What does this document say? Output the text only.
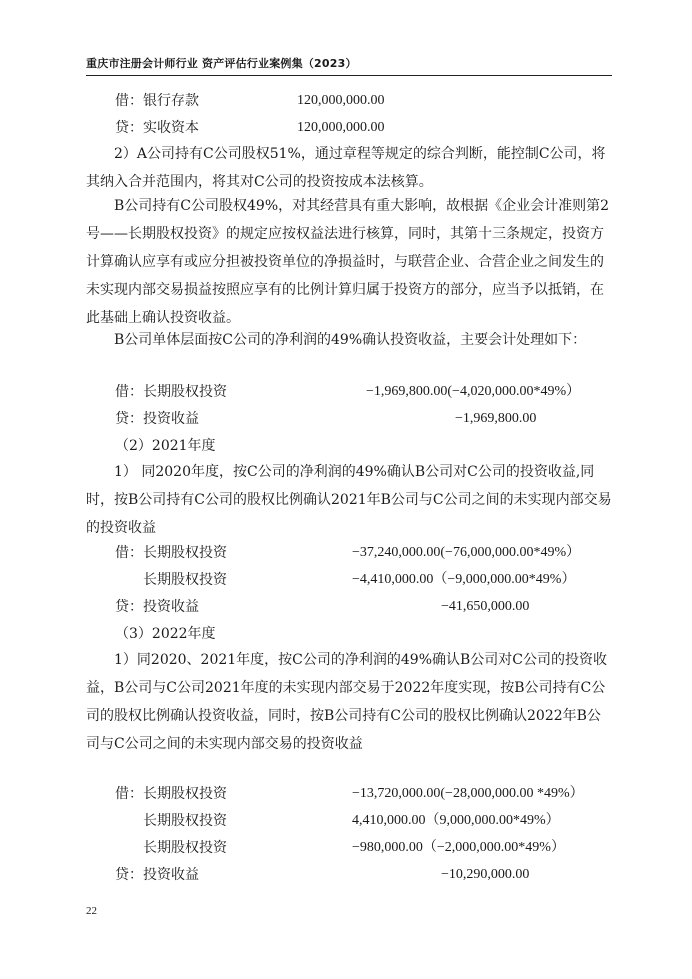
重庆市注册会计师行业 资产评估行业案例集（2023）
借：银行存款	120,000,000.00
贷：实收资本	120,000,000.00
2）A公司持有C公司股权51%，通过章程等规定的综合判断，能控制C公司，将其纳入合并范围内，将其对C公司的投资按成本法核算。
B公司持有C公司股权49%，对其经营具有重大影响，故根据《企业会计准则第2号——长期股权投资》的规定应按权益法进行核算，同时，其第十三条规定，投资方计算确认应享有或应分担被投资单位的净损益时，与联营企业、合营企业之间发生的未实现内部交易损益按照应享有的比例计算归属于投资方的部分，应当予以抵销，在此基础上确认投资收益。
B公司单体层面按C公司的净利润的49%确认投资收益，主要会计处理如下：
借：长期股权投资	−1,969,800.00(−4,020,000.00*49%）
贷：投资收益	−1,969,800.00
（2）2021年度
1） 同2020年度，按C公司的净利润的49%确认B公司对C公司的投资收益,同时，按B公司持有C公司的股权比例确认2021年B公司与C公司之间的未实现内部交易的投资收益
借：长期股权投资	−37,240,000.00(−76,000,000.00*49%）
长期股权投资	−4,410,000.00（−9,000,000.00*49%）
贷：投资收益	−41,650,000.00
（3）2022年度
1）同2020、2021年度，按C公司的净利润的49%确认B公司对C公司的投资收益，B公司与C公司2021年度的未实现内部交易于2022年度实现，按B公司持有C公司的股权比例确认投资收益，同时，按B公司持有C公司的股权比例确认2022年B公司与C公司之间的未实现内部交易的投资收益
借：长期股权投资	−13,720,000.00(−28,000,000.00 *49%）
长期股权投资	4,410,000.00（9,000,000.00*49%）
长期股权投资	−980,000.00（−2,000,000.00*49%）
贷：投资收益	−10,290,000.00
22
